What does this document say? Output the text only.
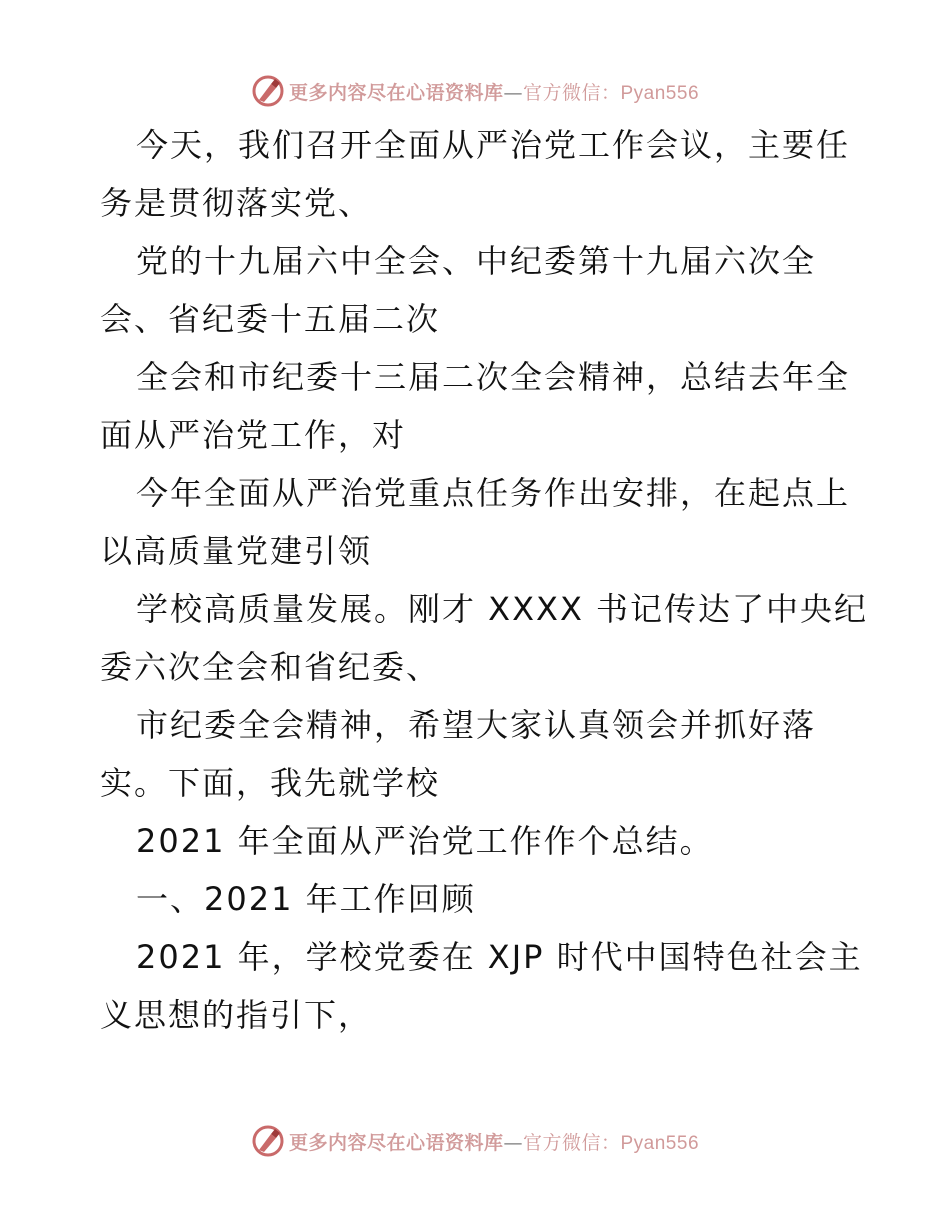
更多内容尽在心语资料库—官方微信：Pyan556

今天，我们召开全面从严治党工作会议，主要任
务是贯彻落实党、

党的十九届六中全会、中纪委第十九届六次全
会、省纪委十五届二次

全会和市纪委十三届二次全会精神，总结去年全
面从严治党工作，对

今年全面从严治党重点任务作出安排，在起点上
以高质量党建引领

学校高质量发展。刚才 XXXX 书记传达了中央纪
委六次全会和省纪委、

市纪委全会精神，希望大家认真领会并抓好落
实。下面，我先就学校

2021 年全面从严治党工作作个总结。

一、2021 年工作回顾

2021 年，学校党委在 XJP 时代中国特色社会主
义思想的指引下，

更多内容尽在心语资料库—官方微信：Pyan556
